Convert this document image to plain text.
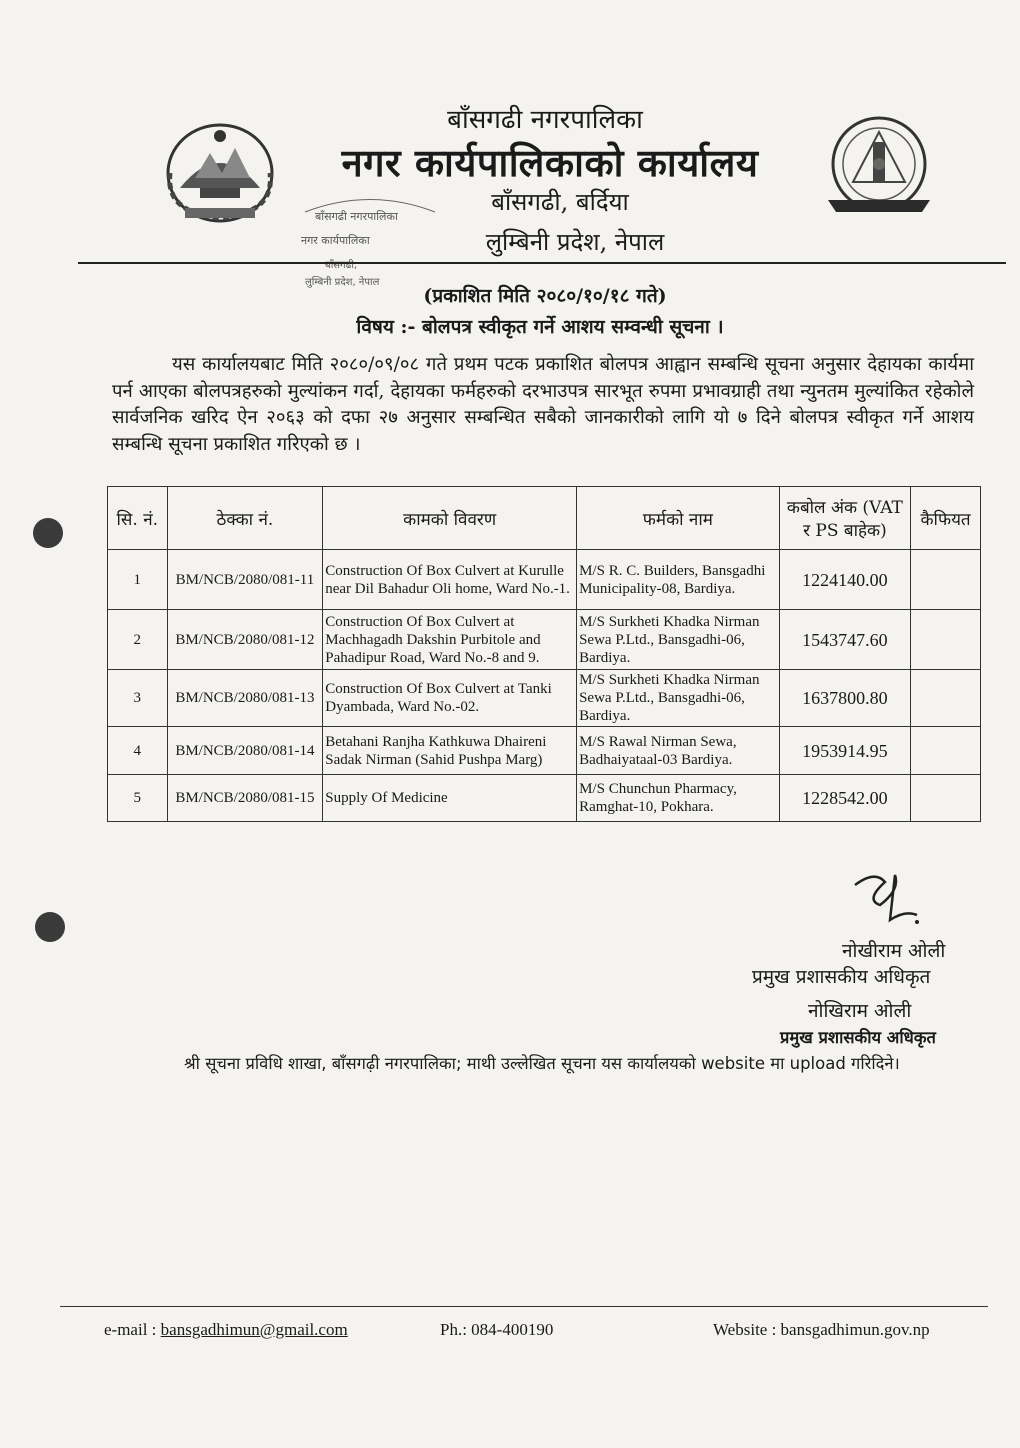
बाँसगढी नगरपालिका
नगर कार्यपालिका
बाँसगढी,
लुम्बिनी प्रदेश, नेपाल
बाँसगढी नगरपालिका
नगर कार्यपालिकाको कार्यालय
बाँसगढी, बर्दिया
लुम्बिनी प्रदेश, नेपाल
(प्रकाशित मिति २०८०/१०/१८ गते)
विषय :- बोलपत्र स्वीकृत गर्ने आशय सम्वन्धी सूचना ।
यस कार्यालयबाट मिति २०८०/०९/०८ गते प्रथम पटक प्रकाशित बोलपत्र आह्वान सम्बन्धि सूचना अनुसार देहायका कार्यमा पर्न आएका बोलपत्रहरुको मुल्यांकन गर्दा, देहायका फर्महरुको दरभाउपत्र सारभूत रुपमा प्रभावग्राही तथा न्युनतम मुल्यांकित रहेकोले सार्वजनिक खरिद ऐन २०६३ को दफा २७ अनुसार सम्बन्धित सबैको जानकारीको लागि यो ७ दिने बोलपत्र स्वीकृत गर्ने आशय सम्बन्धि सूचना प्रकाशित गरिएको छ ।
सि. नं.	ठेक्का नं.	कामको विवरण	फर्मको नाम	कबोल अंक (VAT र PS बाहेक)	कैफियत
1	BM/NCB/2080/081-11	Construction Of Box Culvert at Kurulle near Dil Bahadur Oli home, Ward No.-1.	M/S R. C. Builders, Bansgadhi Municipality-08, Bardiya.	1224140.00	
2	BM/NCB/2080/081-12	Construction Of Box Culvert at Machhagadh Dakshin Purbitole and Pahadipur Road, Ward No.-8 and 9.	M/S Surkheti Khadka Nirman Sewa P.Ltd., Bansgadhi-06, Bardiya.	1543747.60	
3	BM/NCB/2080/081-13	Construction Of Box Culvert at Tanki Dyambada, Ward No.-02.	M/S Surkheti Khadka Nirman Sewa P.Ltd., Bansgadhi-06, Bardiya.	1637800.80	
4	BM/NCB/2080/081-14	Betahani Ranjha Kathkuwa Dhaireni Sadak Nirman (Sahid Pushpa Marg)	M/S Rawal Nirman Sewa, Badhaiyataal-03 Bardiya.	1953914.95	
5	BM/NCB/2080/081-15	Supply Of Medicine	M/S Chunchun Pharmacy, Ramghat-10, Pokhara.	1228542.00	
नोखीराम ओली
प्रमुख प्रशासकीय अधिकृत
नोखिराम ओली
प्रमुख प्रशासकीय अधिकृत
श्री सूचना प्रविधि शाखा, बाँसगढ़ी नगरपालिका; माथी उल्लेखित सूचना यस कार्यालयको website मा upload गरिदिने।
e-mail : bansgadhimun@gmail.com	Ph.: 084-400190	Website : bansgadhimun.gov.np
